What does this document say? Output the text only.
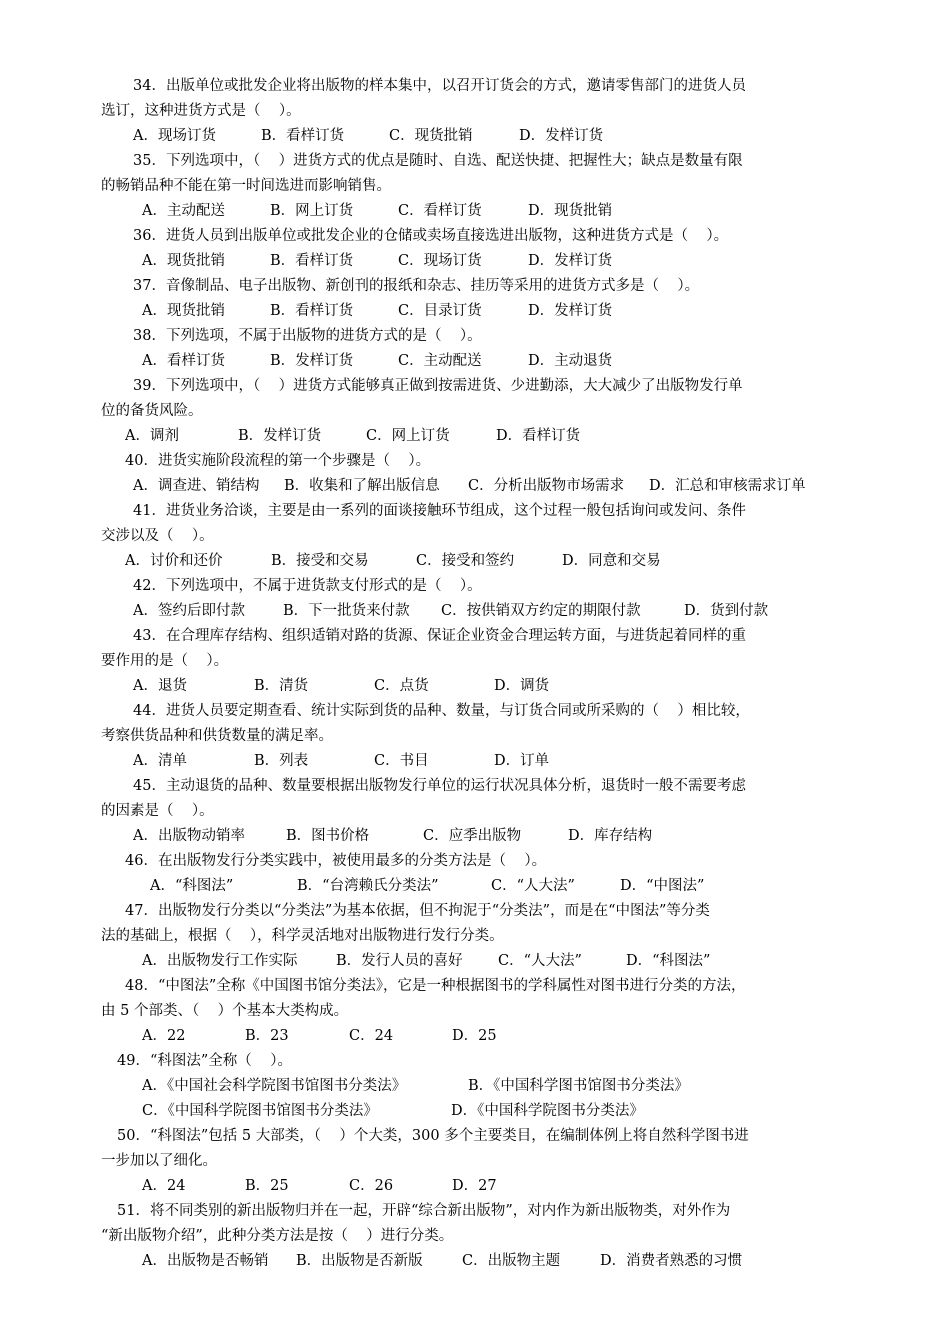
34．出版单位或批发企业将出版物的样本集中，以召开订货会的方式，邀请零售部门的进货人员
选订，这种进货方式是（    ）。
A．现场订货	B．看样订货	C．现货批销	D．发样订货
35．下列选项中，（    ）进货方式的优点是随时、自选、配送快捷、把握性大；缺点是数量有限
的畅销品种不能在第一时间选进而影响销售。
A．主动配送	B．网上订货	C．看样订货	D．现货批销
36．进货人员到出版单位或批发企业的仓储或卖场直接选进出版物，这种进货方式是（    ）。
A．现货批销	B．看样订货	C．现场订货	D．发样订货
37．音像制品、电子出版物、新创刊的报纸和杂志、挂历等采用的进货方式多是（    ）。
A．现货批销	B．看样订货	C．目录订货	D．发样订货
38．下列选项，不属于出版物的进货方式的是（    ）。
A．看样订货	B．发样订货	C．主动配送	D．主动退货
39．下列选项中，（    ）进货方式能够真正做到按需进货、少进勤添，大大减少了出版物发行单
位的备货风险。
A．调剂	B．发样订货	C．网上订货	D．看样订货
40．进货实施阶段流程的第一个步骤是（    ）。
A．调查进、销结构 B．收集和了解出版信息 C．分析出版物市场需求 D．汇总和审核需求订单
41．进货业务洽谈，主要是由一系列的面谈接触环节组成，这个过程一般包括询问或发问、条件
交涉以及（    ）。
A．讨价和还价	B．接受和交易	C．接受和签约	D．同意和交易
42．下列选项中，不属于进货款支付形式的是（    ）。
A．签约后即付款	B．下一批货来付款 C．按供销双方约定的期限付款	D．货到付款
43．在合理库存结构、组织适销对路的货源、保证企业资金合理运转方面，与进货起着同样的重
要作用的是（    ）。
A．退货	B．清货	C．点货	D．调货
44．进货人员要定期查看、统计实际到货的品种、数量，与订货合同或所采购的（    ）相比较，
考察供货品种和供货数量的满足率。
A．清单	B．列表	C．书目	D．订单
45．主动退货的品种、数量要根据出版物发行单位的运行状况具体分析，退货时一般不需要考虑
的因素是（    ）。
A．出版物动销率	B．图书价格	C．应季出版物	D．库存结构
46．在出版物发行分类实践中，被使用最多的分类方法是（    ）。
A．“科图法”	B．“台湾赖氏分类法”	C．“人大法”	D．“中图法”
47．出版物发行分类以“分类法”为基本依据，但不拘泥于“分类法”，而是在“中图法”等分类
法的基础上，根据（    ），科学灵活地对出版物进行发行分类。
A．出版物发行工作实际	B．发行人员的喜好 C．“人大法”	D．“科图法”
48．“中图法”全称《中国图书馆分类法》，它是一种根据图书的学科属性对图书进行分类的方法，
由 5 个部类、（    ）个基本大类构成。
A．22	B．23	C．24	D．25
49．“科图法”全称（    ）。
A．《中国社会科学院图书馆图书分类法》	B．《中国科学图书馆图书分类法》
C．《中国科学院图书馆图书分类法》	D．《中国科学院图书分类法》
50．“科图法”包括 5 大部类，（    ）个大类，300 多个主要类目，在编制体例上将自然科学图书进
一步加以了细化。
A．24	B．25	C．26	D．27
51．将不同类别的新出版物归并在一起，开辟“综合新出版物”，对内作为新出版物类，对外作为
“新出版物介绍”，此种分类方法是按（    ）进行分类。
A．出版物是否畅销 B．出版物是否新版	C．出版物主题	D．消费者熟悉的习惯
